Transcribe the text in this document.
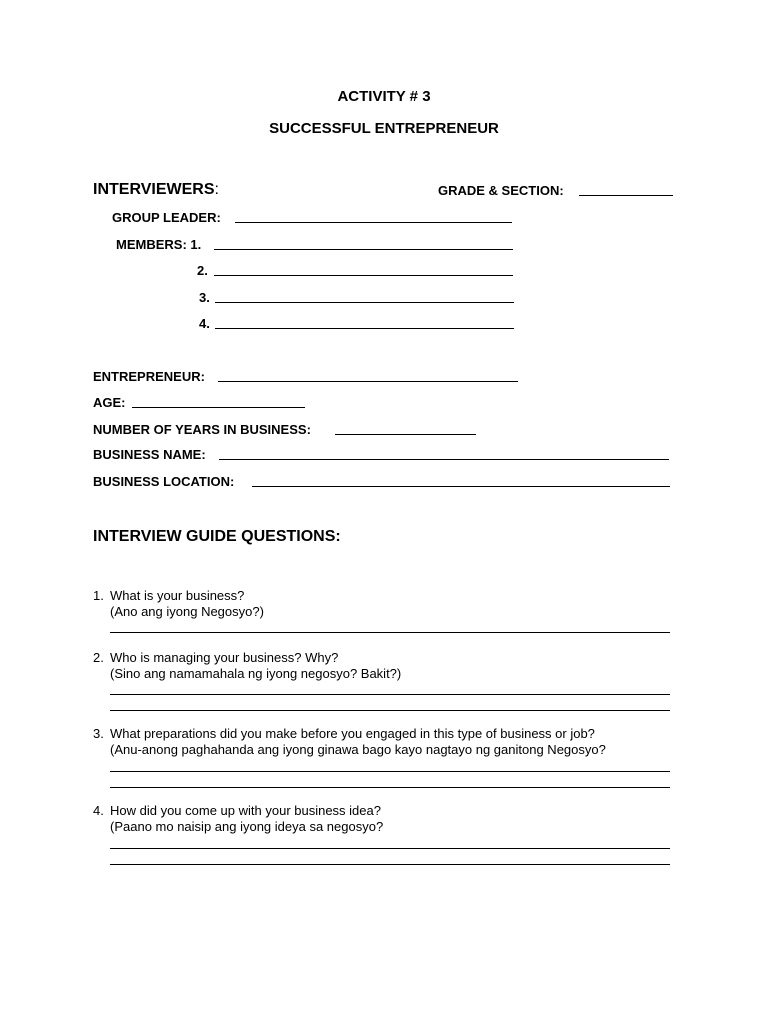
ACTIVITY # 3
SUCCESSFUL ENTREPRENEUR
INTERVIEWERS:	GRADE & SECTION:
GROUP LEADER:
MEMBERS: 1.
2.
3.
4.
ENTREPRENEUR:
AGE:
NUMBER OF YEARS IN BUSINESS:
BUSINESS NAME:
BUSINESS LOCATION:
INTERVIEW GUIDE QUESTIONS:
1. What is your business?
(Ano ang iyong Negosyo?)
2. Who is managing your business? Why?
(Sino ang namamahala ng iyong negosyo? Bakit?)
3. What preparations did you make before you engaged in this type of business or job?
(Anu-anong paghahanda ang iyong ginawa bago kayo nagtayo ng ganitong Negosyo?
4. How did you come up with your business idea?
(Paano mo naisip ang iyong ideya sa negosyo?
